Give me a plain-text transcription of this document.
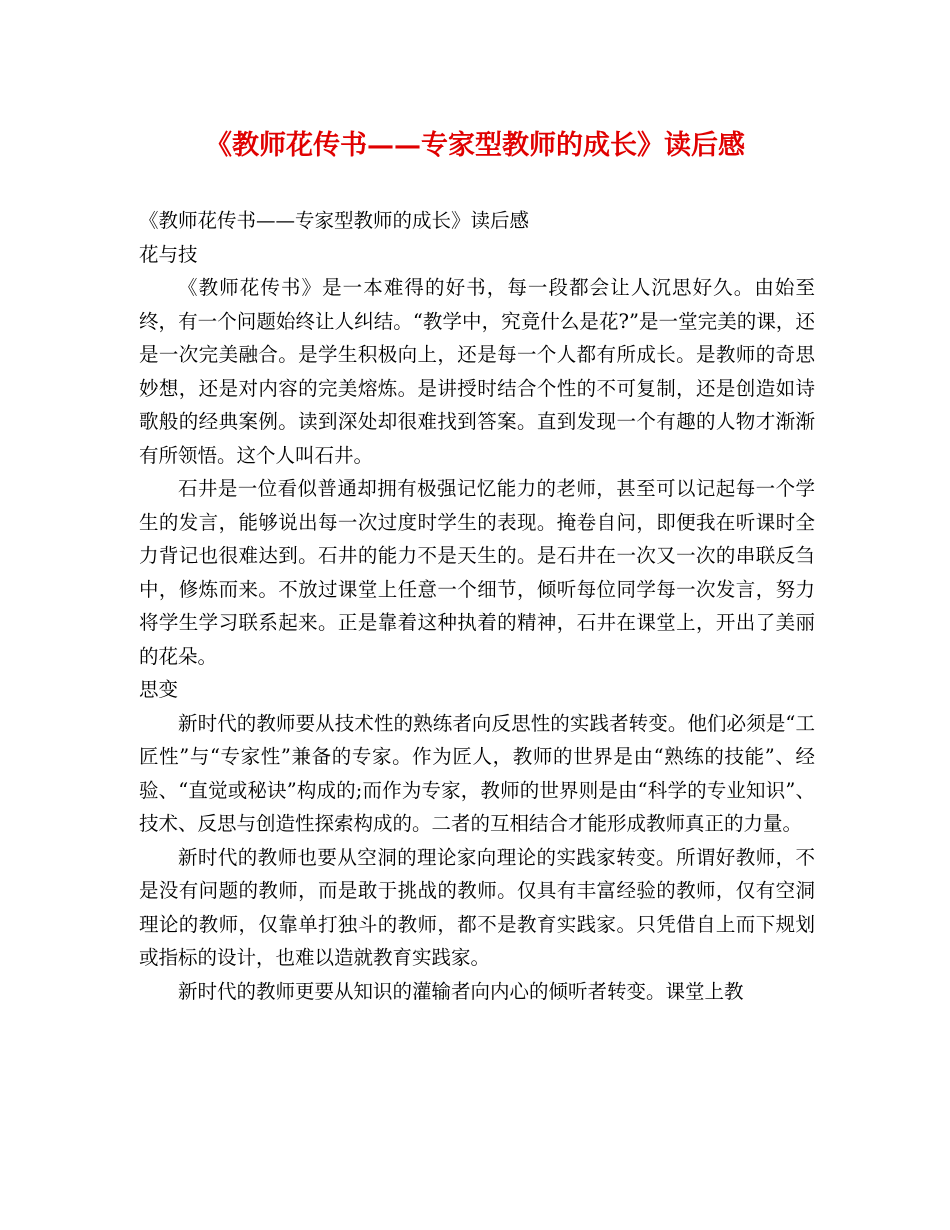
《教师花传书——专家型教师的成长》读后感

《教师花传书——专家型教师的成长》读后感

花与技

《教师花传书》是一本难得的好书，每一段都会让人沉思好久。由始至终，有一个问题始终让人纠结。“教学中，究竟什么是花?”是一堂完美的课，还是一次完美融合。是学生积极向上，还是每一个人都有所成长。是教师的奇思妙想，还是对内容的完美熔炼。是讲授时结合个性的不可复制，还是创造如诗歌般的经典案例。读到深处却很难找到答案。直到发现一个有趣的人物才渐渐有所领悟。这个人叫石井。

石井是一位看似普通却拥有极强记忆能力的老师，甚至可以记起每一个学生的发言，能够说出每一次过度时学生的表现。掩卷自问，即便我在听课时全力背记也很难达到。石井的能力不是天生的。是石井在一次又一次的串联反刍中，修炼而来。不放过课堂上任意一个细节，倾听每位同学每一次发言，努力将学生学习联系起来。正是靠着这种执着的精神，石井在课堂上，开出了美丽的花朵。

思变

新时代的教师要从技术性的熟练者向反思性的实践者转变。他们必须是“工匠性”与“专家性”兼备的专家。作为匠人，教师的世界是由“熟练的技能”、经验、“直觉或秘诀”构成的;而作为专家，教师的世界则是由“科学的专业知识”、技术、反思与创造性探索构成的。二者的互相结合才能形成教师真正的力量。

新时代的教师也要从空洞的理论家向理论的实践家转变。所谓好教师，不是没有问题的教师，而是敢于挑战的教师。仅具有丰富经验的教师，仅有空洞理论的教师，仅靠单打独斗的教师，都不是教育实践家。只凭借自上而下规划或指标的设计，也难以造就教育实践家。

新时代的教师更要从知识的灌输者向内心的倾听者转变。课堂上教
